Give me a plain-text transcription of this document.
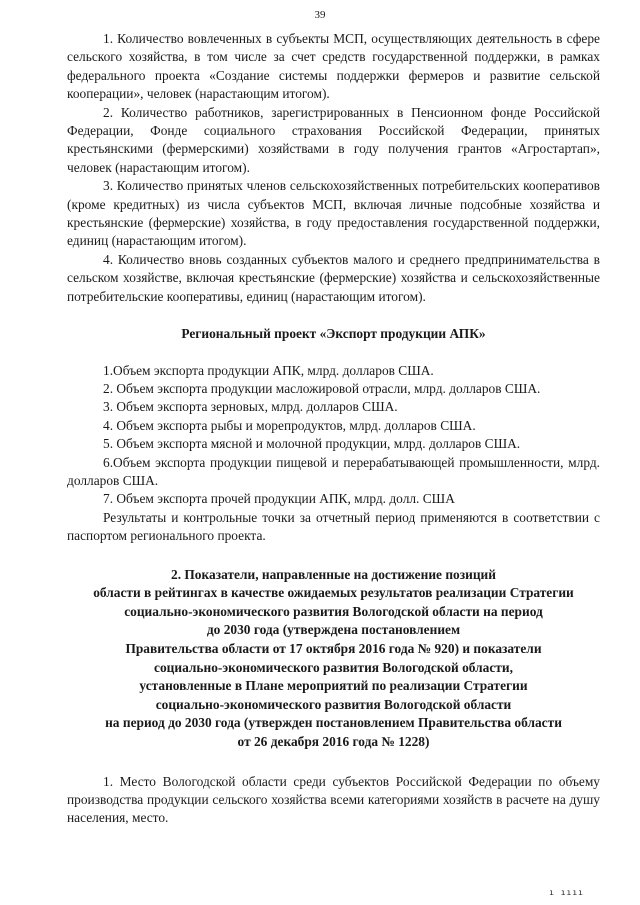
39

1. Количество вовлеченных в субъекты МСП, осуществляющих деятельность в сфере сельского хозяйства, в том числе за счет средств государственной поддержки, в рамках федерального проекта «Создание системы поддержки фермеров и развитие сельской кооперации», человек (нарастающим итогом).

2. Количество работников, зарегистрированных в Пенсионном фонде Российской Федерации, Фонде социального страхования Российской Федерации, принятых крестьянскими (фермерскими) хозяйствами в году получения грантов «Агростартап», человек (нарастающим итогом).

3. Количество принятых членов сельскохозяйственных потребительских кооперативов (кроме кредитных) из числа субъектов МСП, включая личные подсобные хозяйства и крестьянские (фермерские) хозяйства, в году предоставления государственной поддержки, единиц (нарастающим итогом).

4. Количество вновь созданных субъектов малого и среднего предпринимательства в сельском хозяйстве, включая крестьянские (фермерские) хозяйства и сельскохозяйственные потребительские кооперативы, единиц (нарастающим итогом).

Региональный проект «Экспорт продукции АПК»

1.Объем экспорта продукции АПК, млрд. долларов США.

2. Объем экспорта продукции масложировой отрасли, млрд. долларов США.

3. Объем экспорта зерновых, млрд. долларов США.

4. Объем экспорта рыбы и морепродуктов, млрд. долларов США.

5. Объем экспорта мясной и молочной продукции, млрд. долларов США.

6.Объем экспорта продукции пищевой и перерабатывающей промышленности, млрд. долларов США.

7. Объем экспорта прочей продукции АПК, млрд. долл. США

Результаты и контрольные точки за отчетный период применяются в соответствии с паспортом регионального проекта.

2. Показатели, направленные на достижение позиций

области в рейтингах в качестве ожидаемых результатов реализации Стратегии социально-экономического развития Вологодской области на период

до 2030 года (утверждена постановлением

Правительства области от 17 октября 2016 года № 920) и показатели

социально-экономического развития Вологодской области,

установленные в Плане мероприятий по реализации Стратегии

социально-экономического развития Вологодской области

на период до 2030 года (утвержден постановлением Правительства области

от 26 декабря 2016 года № 1228)

1. Место Вологодской области среди субъектов Российской Федерации по объему производства продукции сельского хозяйства всеми категориями хозяйств в расчете на душу населения, место.

ı ıııı
